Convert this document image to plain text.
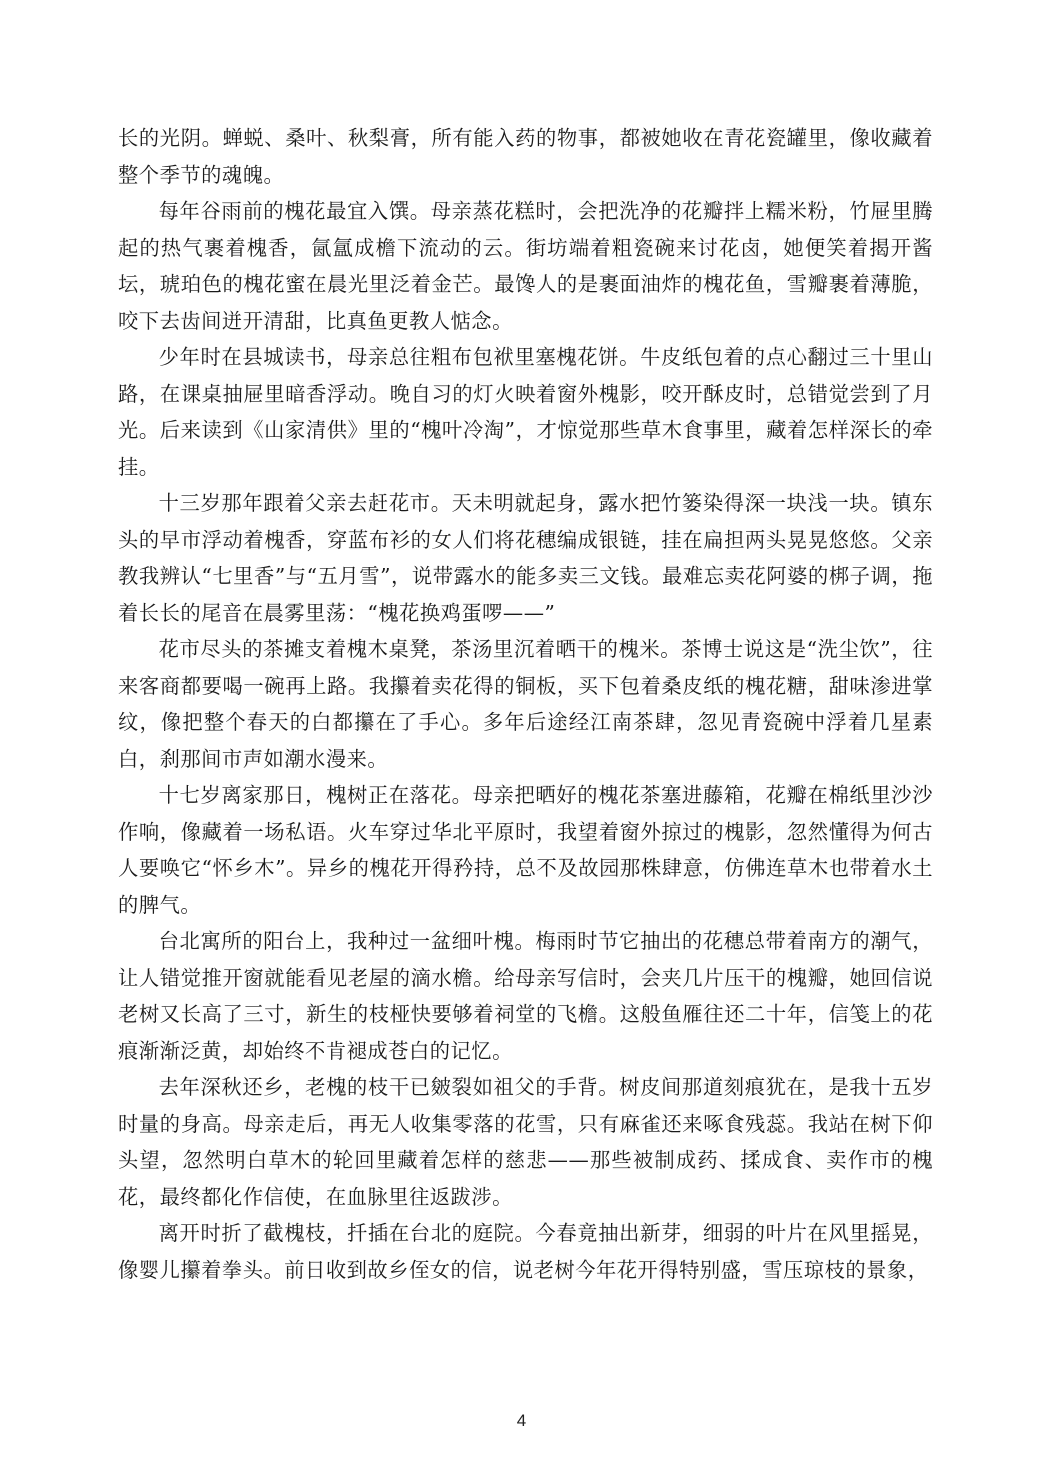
长的光阴。蝉蜕、桑叶、秋梨膏，所有能入药的物事，都被她收在青花瓷罐里，像收藏着整个季节的魂魄。

每年谷雨前的槐花最宜入馔。母亲蒸花糕时，会把洗净的花瓣拌上糯米粉，竹屉里腾起的热气裹着槐香，氤氲成檐下流动的云。街坊端着粗瓷碗来讨花卤，她便笑着揭开酱坛，琥珀色的槐花蜜在晨光里泛着金芒。最馋人的是裹面油炸的槐花鱼，雪瓣裹着薄脆，咬下去齿间迸开清甜，比真鱼更教人惦念。

少年时在县城读书，母亲总往粗布包袱里塞槐花饼。牛皮纸包着的点心翻过三十里山路，在课桌抽屉里暗香浮动。晚自习的灯火映着窗外槐影，咬开酥皮时，总错觉尝到了月光。后来读到《山家清供》里的“槐叶冷淘”，才惊觉那些草木食事里，藏着怎样深长的牵挂。

十三岁那年跟着父亲去赶花市。天未明就起身，露水把竹篓染得深一块浅一块。镇东头的早市浮动着槐香，穿蓝布衫的女人们将花穗编成银链，挂在扁担两头晃晃悠悠。父亲教我辨认“七里香”与“五月雪”，说带露水的能多卖三文钱。最难忘卖花阿婆的梆子调，拖着长长的尾音在晨雾里荡：“槐花换鸡蛋啰——”

花市尽头的茶摊支着槐木桌凳，茶汤里沉着晒干的槐米。茶博士说这是“洗尘饮”，往来客商都要喝一碗再上路。我攥着卖花得的铜板，买下包着桑皮纸的槐花糖，甜味渗进掌纹，像把整个春天的白都攥在了手心。多年后途经江南茶肆，忽见青瓷碗中浮着几星素白，刹那间市声如潮水漫来。

十七岁离家那日，槐树正在落花。母亲把晒好的槐花茶塞进藤箱，花瓣在棉纸里沙沙作响，像藏着一场私语。火车穿过华北平原时，我望着窗外掠过的槐影，忽然懂得为何古人要唤它“怀乡木”。异乡的槐花开得矜持，总不及故园那株肆意，仿佛连草木也带着水土的脾气。

台北寓所的阳台上，我种过一盆细叶槐。梅雨时节它抽出的花穗总带着南方的潮气，让人错觉推开窗就能看见老屋的滴水檐。给母亲写信时，会夹几片压干的槐瓣，她回信说老树又长高了三寸，新生的枝桠快要够着祠堂的飞檐。这般鱼雁往还二十年，信笺上的花痕渐渐泛黄，却始终不肯褪成苍白的记忆。

去年深秋还乡，老槐的枝干已皴裂如祖父的手背。树皮间那道刻痕犹在，是我十五岁时量的身高。母亲走后，再无人收集零落的花雪，只有麻雀还来啄食残蕊。我站在树下仰头望，忽然明白草木的轮回里藏着怎样的慈悲——那些被制成药、揉成食、卖作市的槐花，最终都化作信使，在血脉里往返跋涉。

离开时折了截槐枝，扦插在台北的庭院。今春竟抽出新芽，细弱的叶片在风里摇晃，像婴儿攥着拳头。前日收到故乡侄女的信，说老树今年花开得特别盛，雪压琼枝的景象，

4
